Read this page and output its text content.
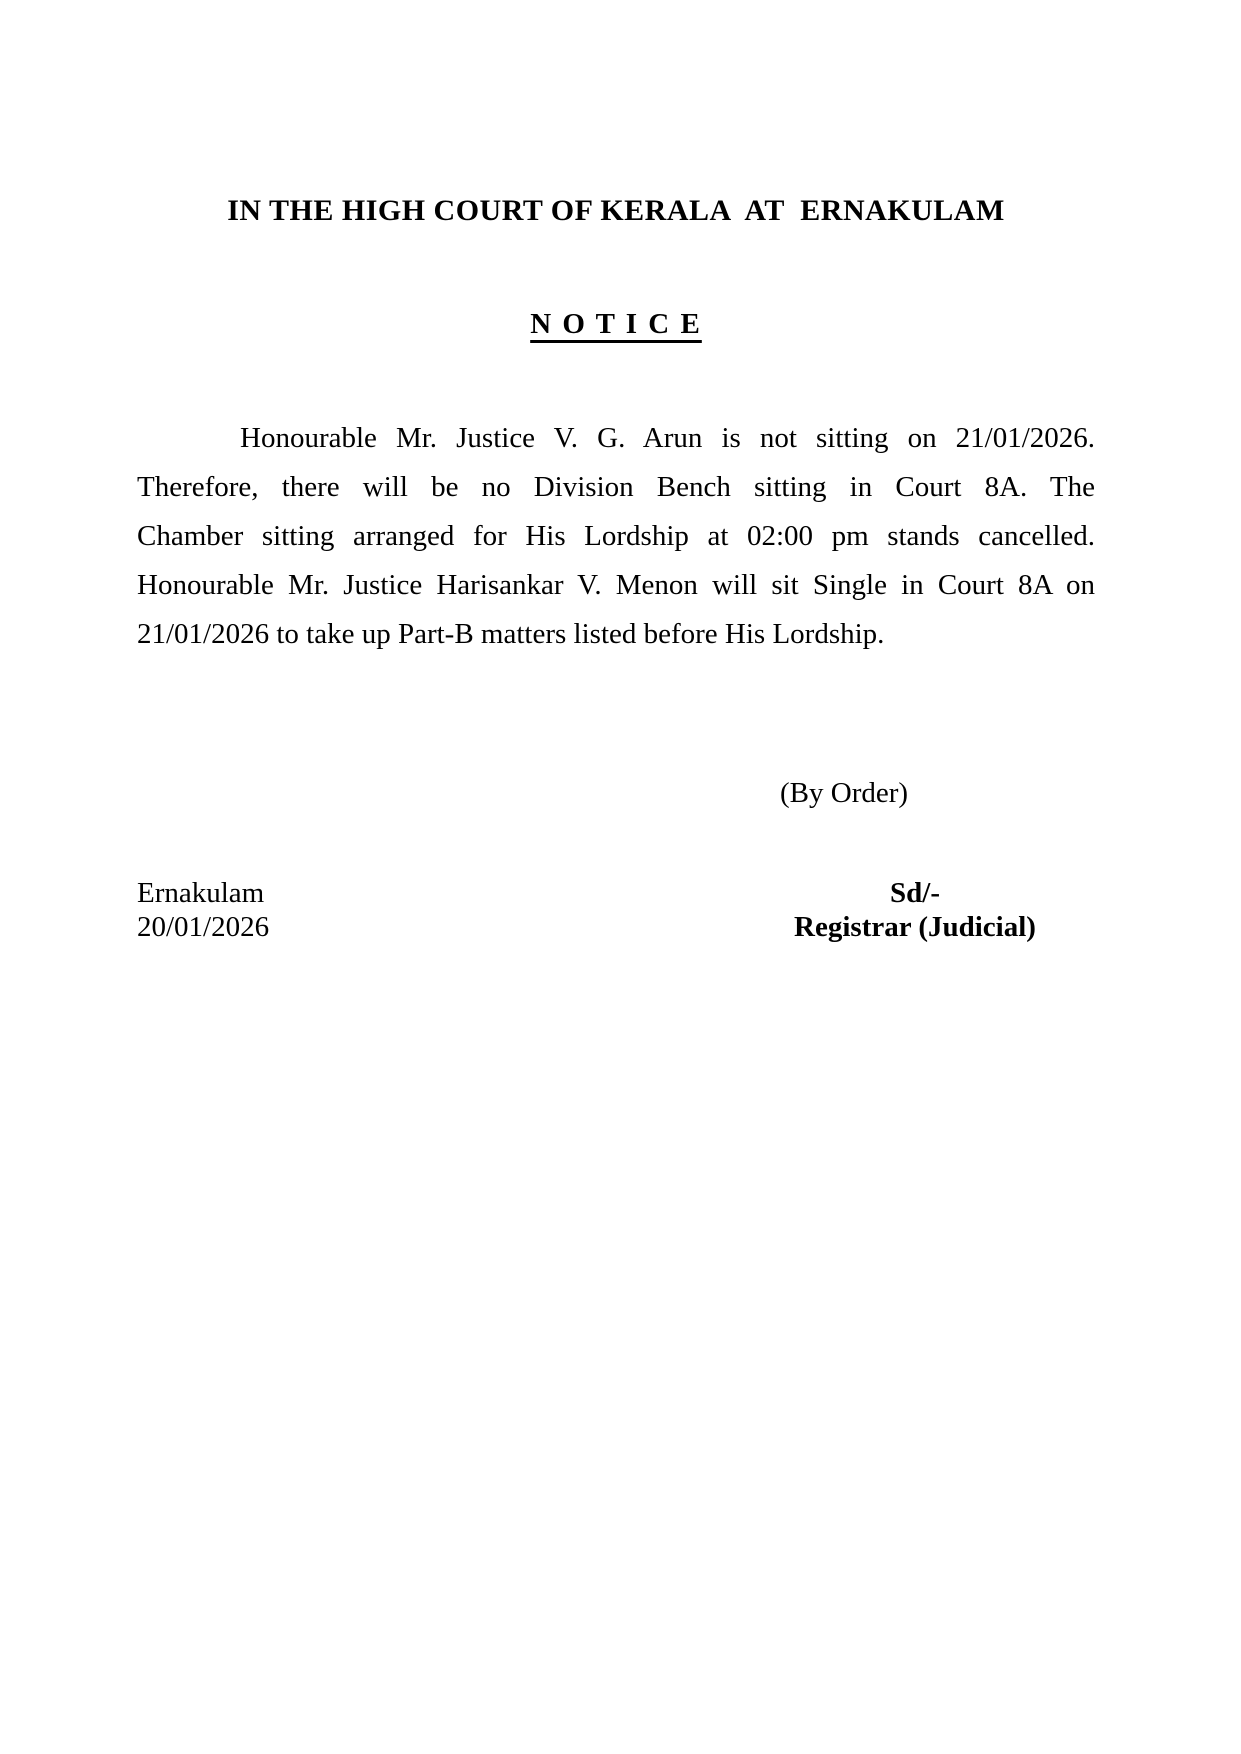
IN THE HIGH COURT OF KERALA  AT  ERNAKULAM
N O T I C E

Honourable Mr. Justice V. G. Arun is not sitting on 21/01/2026.

Therefore, there will be no Division Bench sitting in Court 8A. The

Chamber sitting arranged for His Lordship at 02:00 pm stands cancelled.

Honourable Mr. Justice Harisankar V. Menon will sit Single in Court 8A on

21/01/2026 to take up Part-B matters listed before His Lordship.

(By Order)
Ernakulam
20/01/2026
Sd/-
Registrar (Judicial)
